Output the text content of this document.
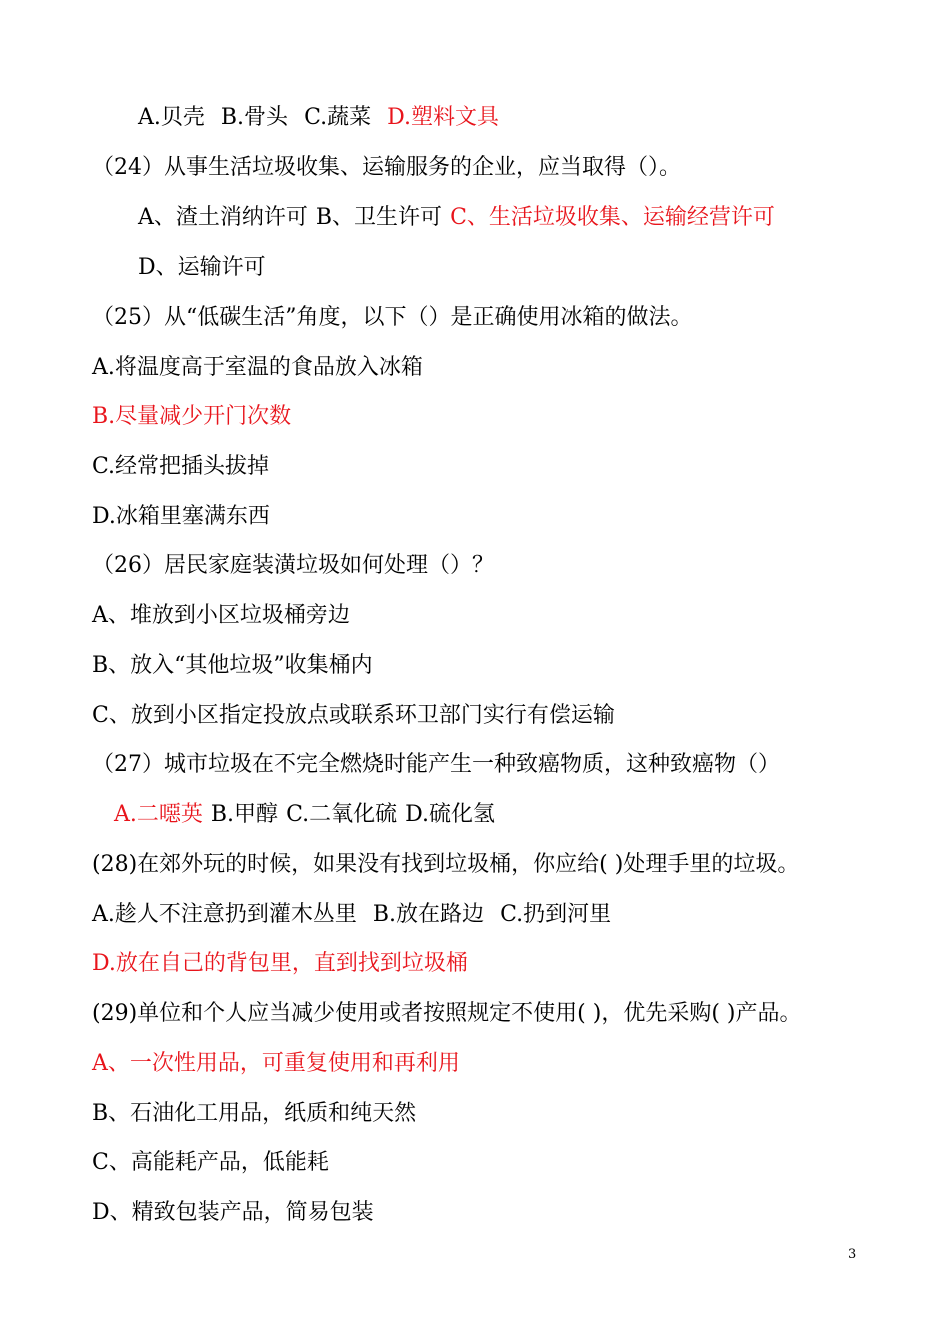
A.贝壳 B.骨头 C.蔬菜 D.塑料文具
（24）从事生活垃圾收集、运输服务的企业，应当取得（）。
A、渣土消纳许可 B、卫生许可 C、生活垃圾收集、运输经营许可
D、运输许可
（25）从“低碳生活”角度，以下（）是正确使用冰箱的做法。
A.将温度高于室温的食品放入冰箱
B.尽量减少开门次数
C.经常把插头拔掉
D.冰箱里塞满东西
（26）居民家庭装潢垃圾如何处理（）？
A、堆放到小区垃圾桶旁边
B、放入“其他垃圾”收集桶内
C、放到小区指定投放点或联系环卫部门实行有偿运输
（27）城市垃圾在不完全燃烧时能产生一种致癌物质，这种致癌物（）
A.二噁英 B.甲醇 C.二氧化硫 D.硫化氢
(28)在郊外玩的时候，如果没有找到垃圾桶，你应给( )处理手里的垃圾。
A.趁人不注意扔到灌木丛里 B.放在路边 C.扔到河里
D.放在自己的背包里，直到找到垃圾桶
(29)单位和个人应当减少使用或者按照规定不使用( )，优先采购( )产品。
A、一次性用品，可重复使用和再利用
B、石油化工用品，纸质和纯天然
C、高能耗产品，低能耗
D、精致包装产品，简易包装
3
